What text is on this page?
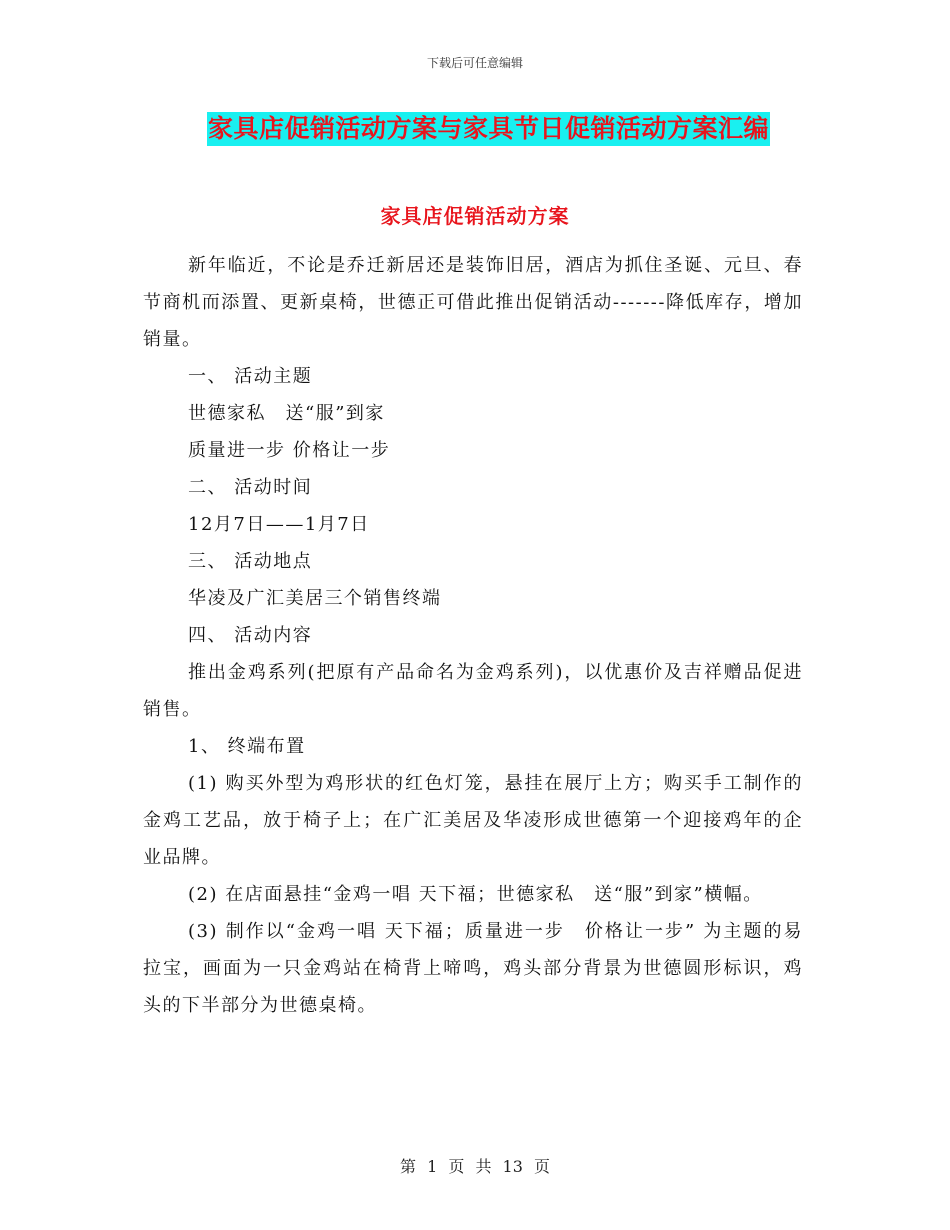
下载后可任意编辑
家具店促销活动方案与家具节日促销活动方案汇编
家具店促销活动方案

新年临近，不论是乔迁新居还是装饰旧居，酒店为抓住圣诞、元旦、春节商机而添置、更新桌椅，世德正可借此推出促销活动-------降低库存，增加销量。

一、 活动主题

世德家私　送“服”到家

质量进一步 价格让一步

二、 活动时间

12月7日——1月7日

三、 活动地点

华凌及广汇美居三个销售终端

四、 活动内容

推出金鸡系列(把原有产品命名为金鸡系列)，以优惠价及吉祥赠品促进销售。

1、 终端布置

(1) 购买外型为鸡形状的红色灯笼，悬挂在展厅上方；购买手工制作的金鸡工艺品，放于椅子上；在广汇美居及华凌形成世德第一个迎接鸡年的企业品牌。

(2) 在店面悬挂“金鸡一唱 天下福；世德家私　送“服”到家”横幅。

(3) 制作以“金鸡一唱 天下福；质量进一步　价格让一步” 为主题的易拉宝，画面为一只金鸡站在椅背上啼鸣，鸡头部分背景为世德圆形标识，鸡头的下半部分为世德桌椅。

第 1 页 共 13 页
